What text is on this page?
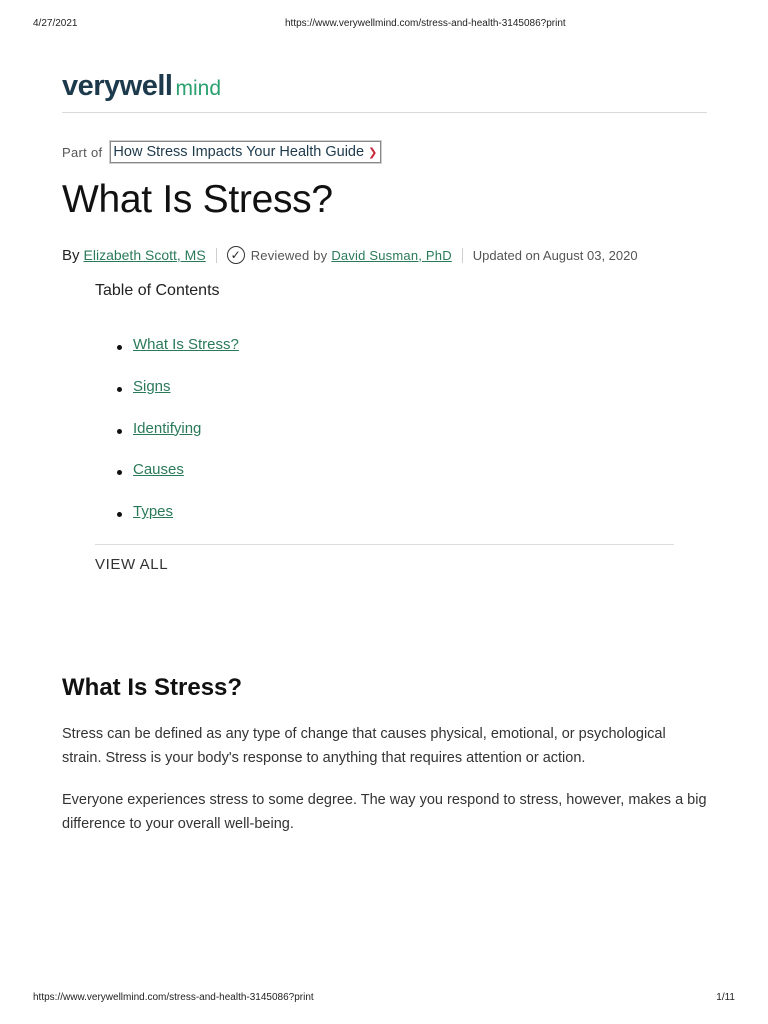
4/27/2021	https://www.verywellmind.com/stress-and-health-3145086?print
verywell mind
Part of How Stress Impacts Your Health Guide ❯
What Is Stress?
By Elizabeth Scott, MS	✓ Reviewed by David Susman, PhD Updated on August 03, 2020
Table of Contents
What Is Stress?
Signs
Identifying
Causes
Types
VIEW ALL
What Is Stress?

Stress can be defined as any type of change that causes physical, emotional, or psychological strain. Stress is your body's response to anything that requires attention or action.

Everyone experiences stress to some degree. The way you respond to stress, however, makes a big difference to your overall well-being.

https://www.verywellmind.com/stress-and-health-3145086?print	1/11
